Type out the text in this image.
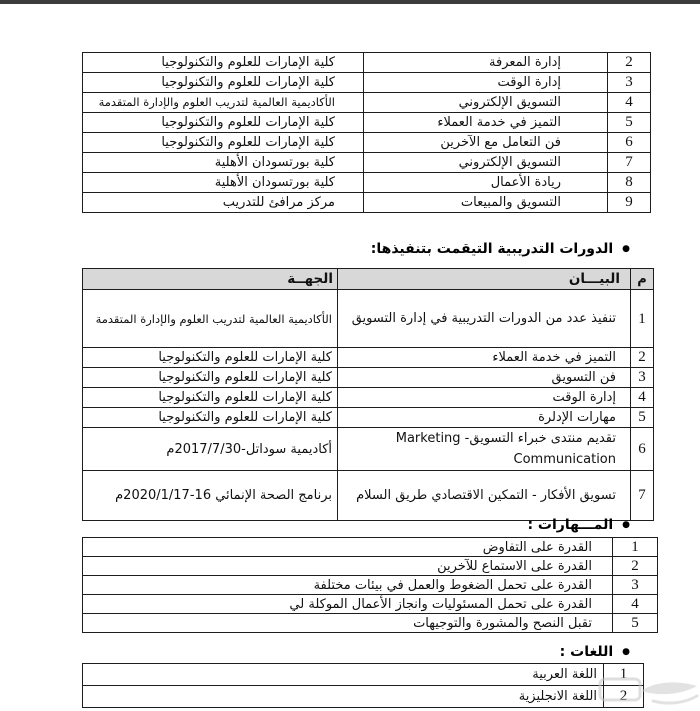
2	إدارة المعرفة	كلية الإمارات للعلوم والتكنولوجيا
3	إدارة الوقت	كلية الإمارات للعلوم والتكنولوجيا
4	التسويق الإلكتروني	الأكاديمية العالمية لتدريب العلوم والإدارة المتقدمة
5	التميز في خدمة العملاء	كلية الإمارات للعلوم والتكنولوجيا
6	فن التعامل مع الآخرين	كلية الإمارات للعلوم والتكنولوجيا
7	التسويق الإلكتروني	كلية بورتسودان الأهلية
8	ريادة الأعمال	كلية بورتسودان الأهلية
9	التسويق والمبيعات	مركز مرافئ للتدريب
●الدورات التدريبية التيقمت بتنفيذها:
م	البيـــان	الجهــة
1	تنفيذ عدد من الدورات التدريبية في إدارة التسويق	الأكاديمية العالمية لتدريب العلوم والإدارة المتقدمة
2	التميز في خدمة العملاء	كلية الإمارات للعلوم والتكنولوجيا
3	فن التسويق	كلية الإمارات للعلوم والتكنولوجيا
4	إدارة الوقت	كلية الإمارات للعلوم والتكنولوجيا
5	مهارات الإدلرة	كلية الإمارات للعلوم والتكنولوجيا
6	تقديم منتدى خبراء التسويق- Marketing Communication	أكاديمية سوداتل-2017/7/30م
7	تسويق الأفكار - التمكين الاقتصادي طريق السلام	برنامج الصحة الإنمائي 16-2020/1/17م
●المـــهارات :
1	القدرة على التفاوض
2	القدرة على الاستماع للآخرين
3	القدرة على تحمل الضغوط والعمل في بيئات مختلفة
4	القدرة على تحمل المسئوليات وانجاز الأعمال الموكلة لي
5	تقبل النصح والمشورة والتوجيهات
●اللغات :
1	اللغة العربية
2	اللغة الانجليزية
